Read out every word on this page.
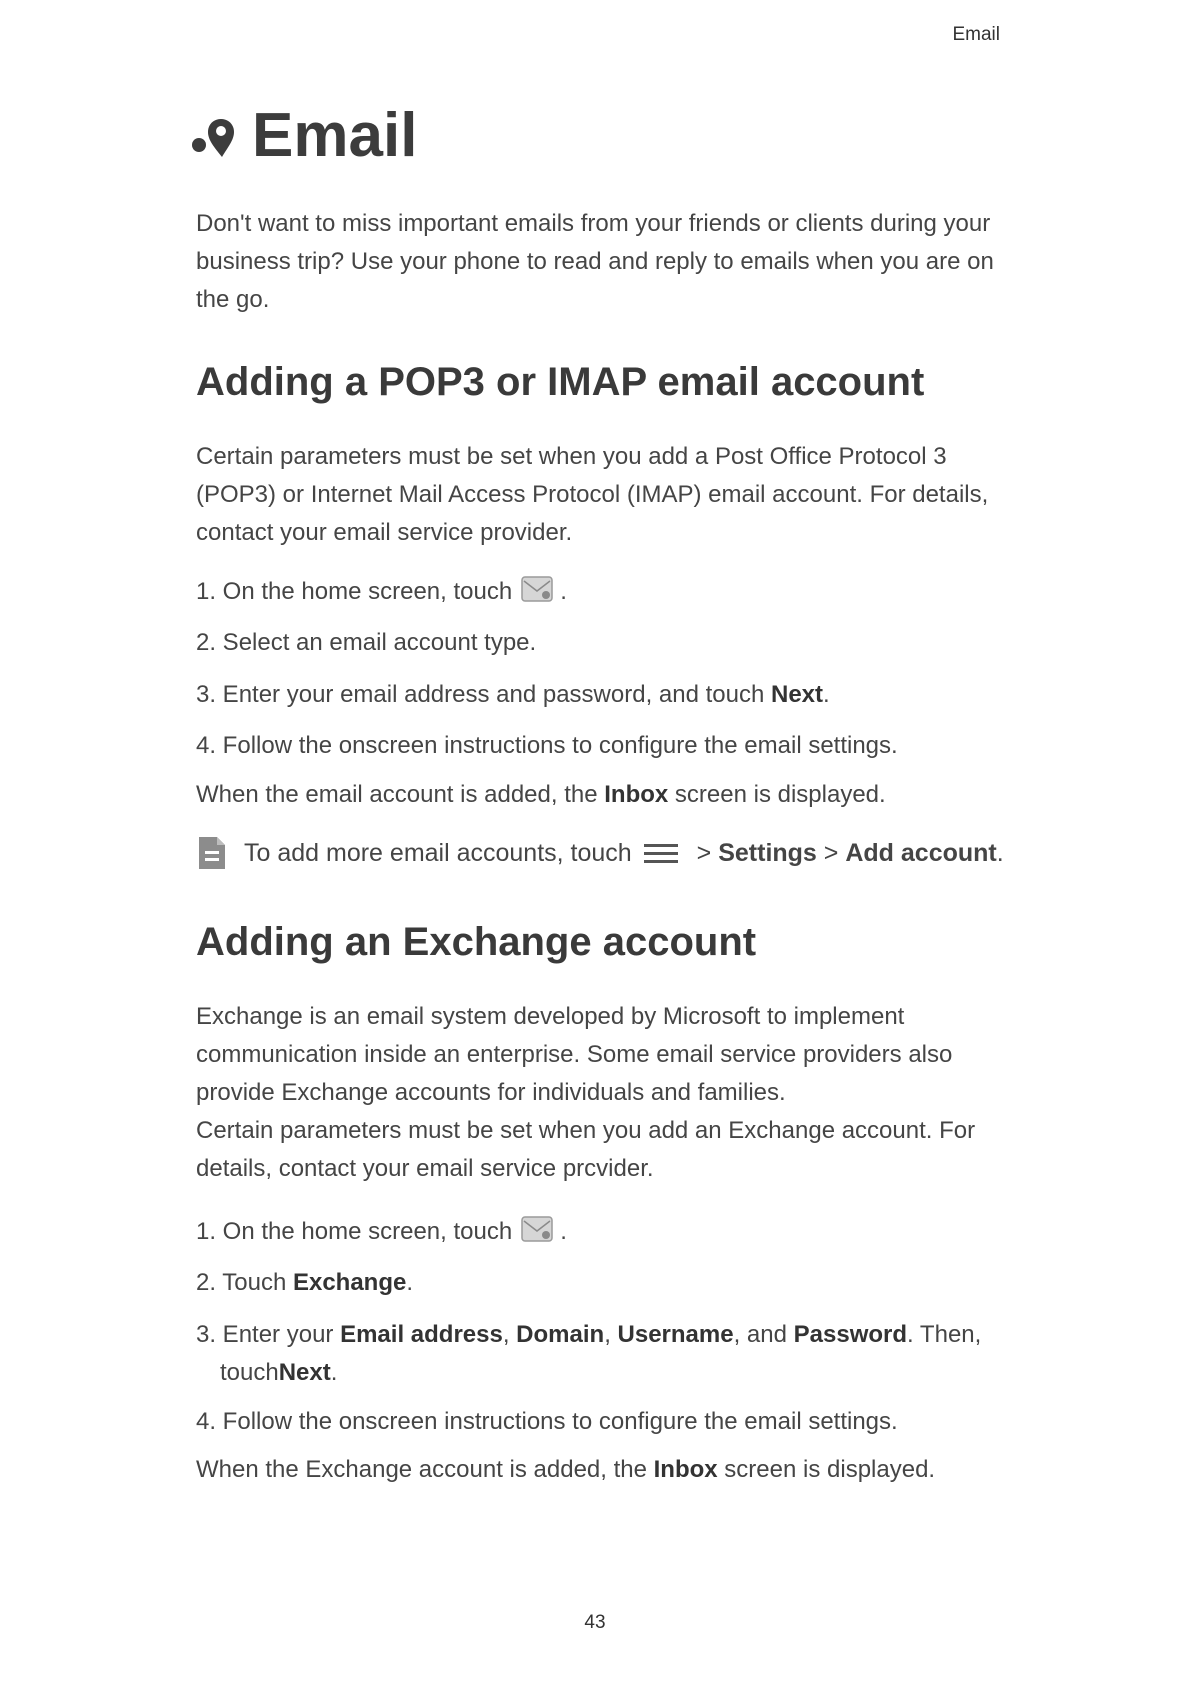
Email
Email

Don't want to miss important emails from your friends or clients during your business trip? Use your phone to read and reply to emails when you are on the go.

Adding a POP3 or IMAP email account

Certain parameters must be set when you add a Post Office Protocol 3 (POP3) or Internet Mail Access Protocol (IMAP) email account. For details, contact your email service provider.

1. On the home screen, touch .

2. Select an email account type.

3. Enter your email address and password, and touch Next.

4. Follow the onscreen instructions to configure the email settings.

When the email account is added, the Inbox screen is displayed.

To add more email accounts, touch > Settings > Add account .
Adding an Exchange account

Exchange is an email system developed by Microsoft to implement communication inside an enterprise. Some email service providers also provide Exchange accounts for individuals and families.

Certain parameters must be set when you add an Exchange account. For details, contact your email service prcvider.

1. On the home screen, touch .

2. Touch Exchange.

3. Enter your Email address, Domain, Username, and Password. Then,
touchNext.

4. Follow the onscreen instructions to configure the email settings.

When the Exchange account is added, the Inbox screen is displayed.

43
